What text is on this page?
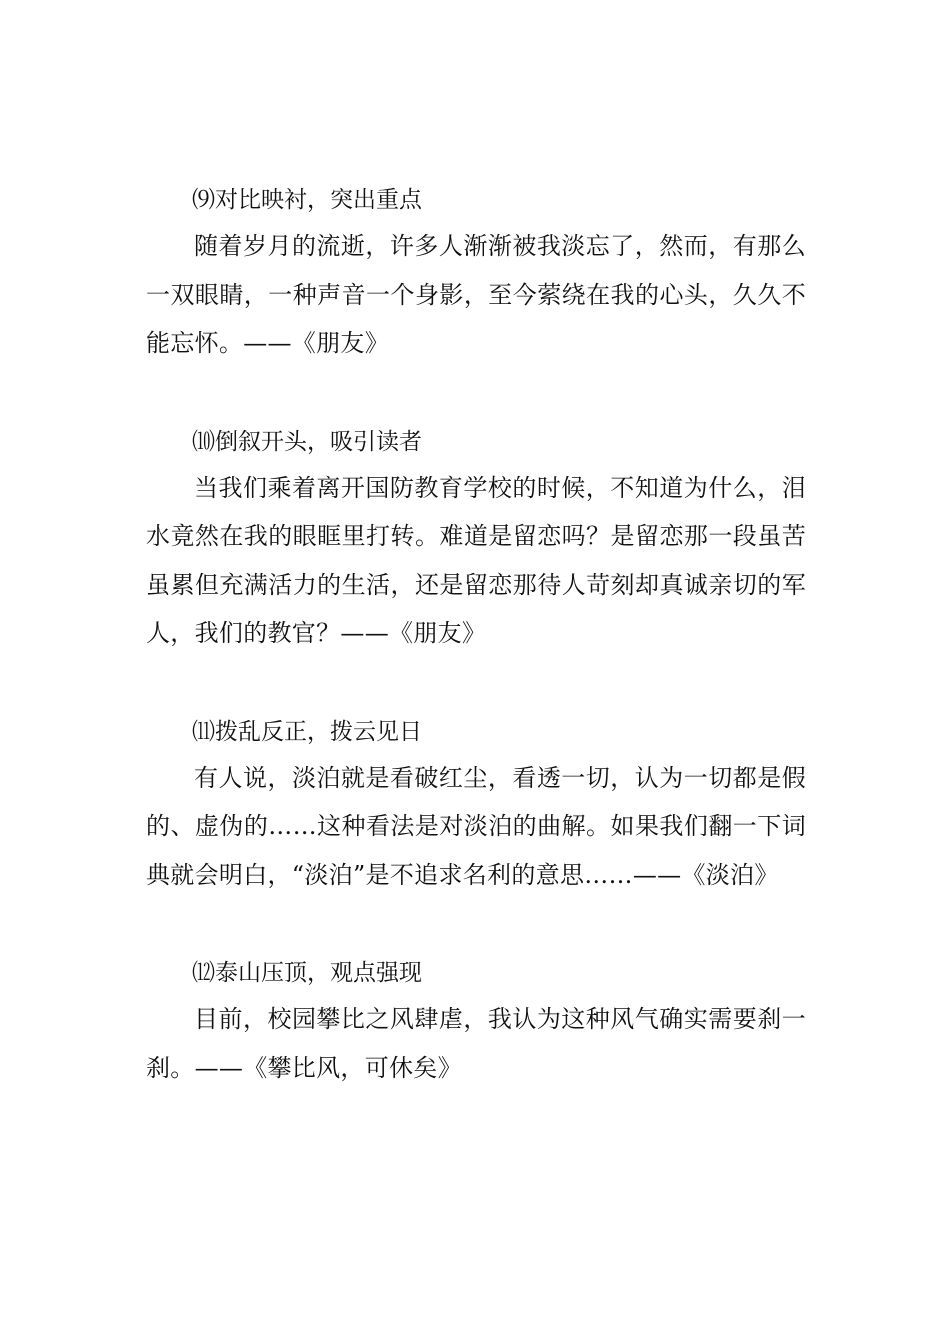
⑼对比映衬，突出重点

随着岁月的流逝，许多人渐渐被我淡忘了，然而，有那么一双眼睛，一种声音一个身影，至今萦绕在我的心头，久久不能忘怀。——《朋友》

⑽倒叙开头，吸引读者

当我们乘着离开国防教育学校的时候，不知道为什么，泪水竟然在我的眼眶里打转。难道是留恋吗？是留恋那一段虽苦虽累但充满活力的生活，还是留恋那待人苛刻却真诚亲切的军人，我们的教官？——《朋友》

⑾拨乱反正，拨云见日

有人说，淡泊就是看破红尘，看透一切，认为一切都是假的、虚伪的……这种看法是对淡泊的曲解。如果我们翻一下词典就会明白，“淡泊”是不追求名利的意思……——《淡泊》

⑿泰山压顶，观点强现

目前，校园攀比之风肆虐，我认为这种风气确实需要刹一刹。——《攀比风，可休矣》
